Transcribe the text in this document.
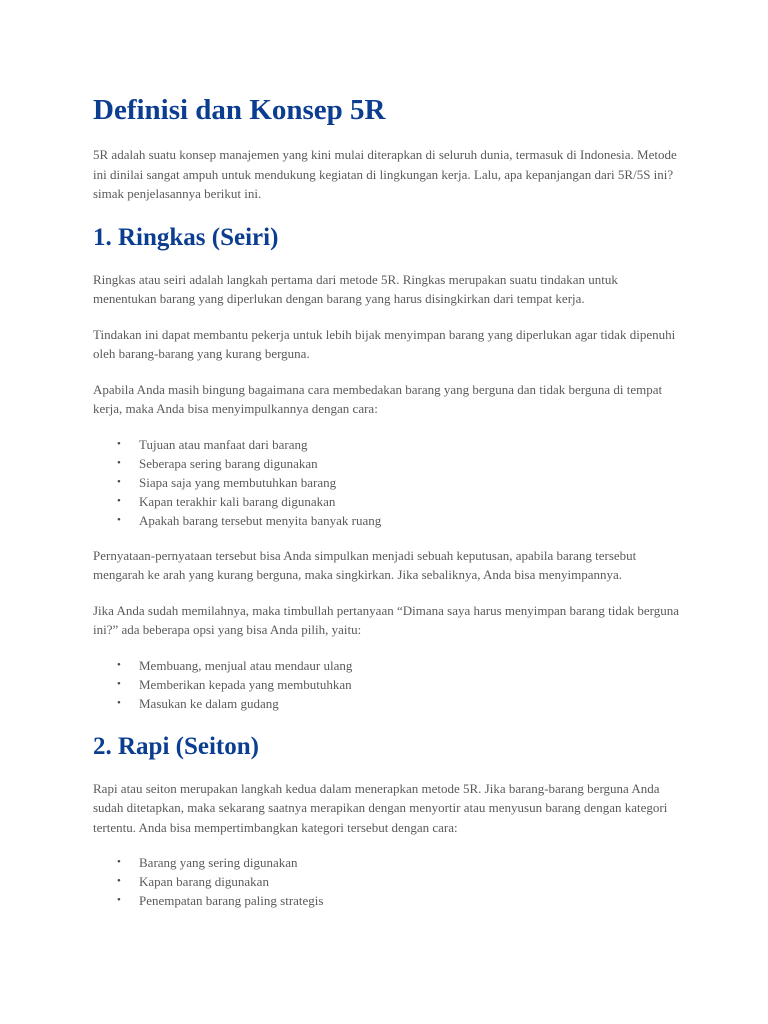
Definisi dan Konsep 5R

5R adalah suatu konsep manajemen yang kini mulai diterapkan di seluruh dunia, termasuk di Indonesia. Metode ini dinilai sangat ampuh untuk mendukung kegiatan di lingkungan kerja. Lalu, apa kepanjangan dari 5R/5S ini? simak penjelasannya berikut ini.

1. Ringkas (Seiri)

Ringkas atau seiri adalah langkah pertama dari metode 5R. Ringkas merupakan suatu tindakan untuk menentukan barang yang diperlukan dengan barang yang harus disingkirkan dari tempat kerja.

Tindakan ini dapat membantu pekerja untuk lebih bijak menyimpan barang yang diperlukan agar tidak dipenuhi oleh barang-barang yang kurang berguna.

Apabila Anda masih bingung bagaimana cara membedakan barang yang berguna dan tidak berguna di tempat kerja, maka Anda bisa menyimpulkannya dengan cara:

• Tujuan atau manfaat dari barang
• Seberapa sering barang digunakan
• Siapa saja yang membutuhkan barang
• Kapan terakhir kali barang digunakan
• Apakah barang tersebut menyita banyak ruang

Pernyataan-pernyataan tersebut bisa Anda simpulkan menjadi sebuah keputusan, apabila barang tersebut mengarah ke arah yang kurang berguna, maka singkirkan. Jika sebaliknya, Anda bisa menyimpannya.

Jika Anda sudah memilahnya, maka timbullah pertanyaan “Dimana saya harus menyimpan barang tidak berguna ini?” ada beberapa opsi yang bisa Anda pilih, yaitu:

• Membuang, menjual atau mendaur ulang
• Memberikan kepada yang membutuhkan
• Masukan ke dalam gudang
2. Rapi (Seiton)

Rapi atau seiton merupakan langkah kedua dalam menerapkan metode 5R. Jika barang-barang berguna Anda sudah ditetapkan, maka sekarang saatnya merapikan dengan menyortir atau menyusun barang dengan kategori tertentu. Anda bisa mempertimbangkan kategori tersebut dengan cara:

• Barang yang sering digunakan
• Kapan barang digunakan
• Penempatan barang paling strategis
